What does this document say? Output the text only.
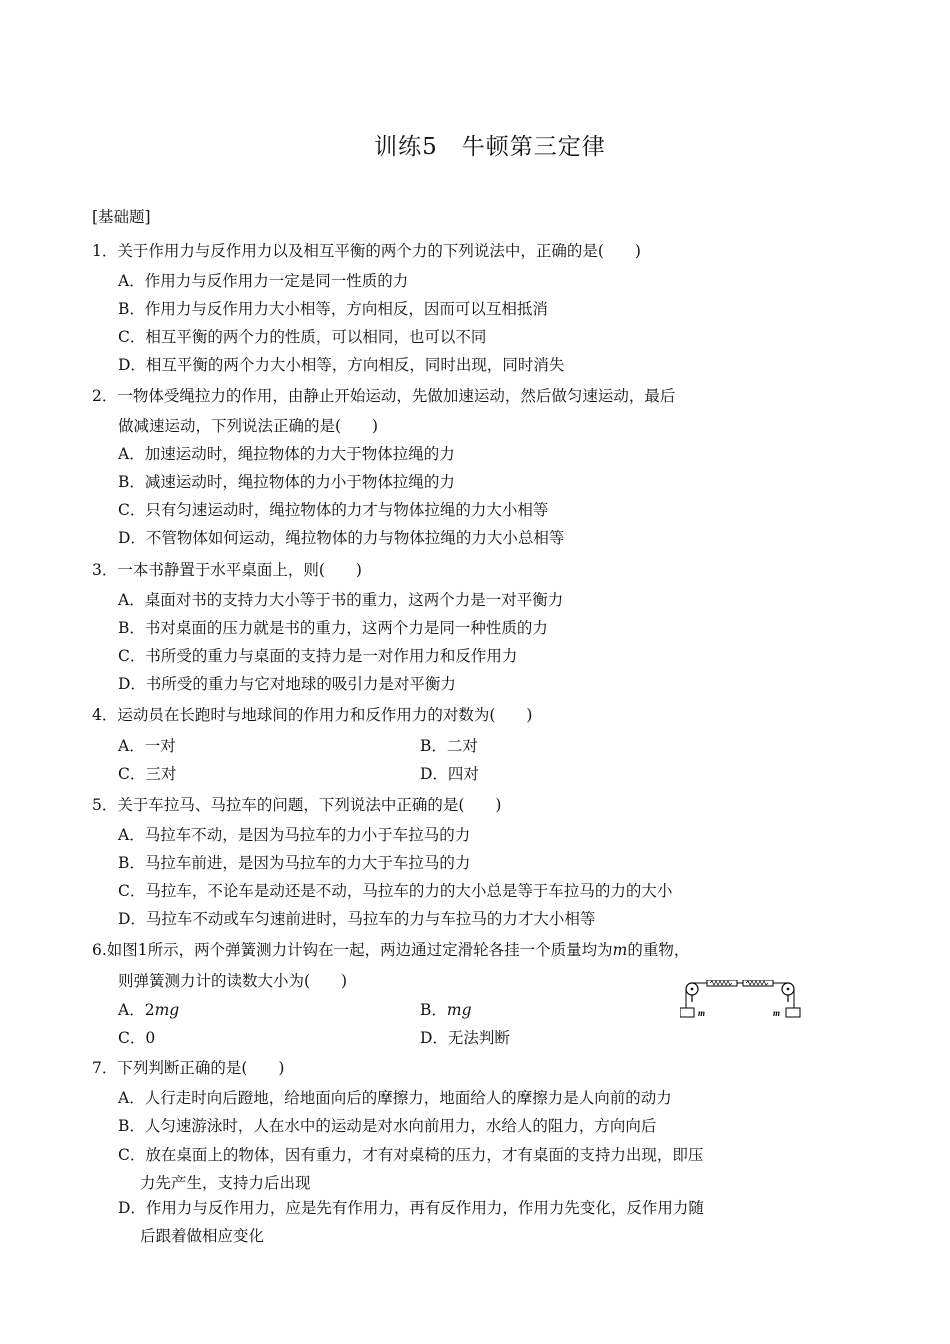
训练5　牛顿第三定律
[基础题]
1．关于作用力与反作用力以及相互平衡的两个力的下列说法中，正确的是(　　)
A．作用力与反作用力一定是同一性质的力
B．作用力与反作用力大小相等，方向相反，因而可以互相抵消
C．相互平衡的两个力的性质，可以相同，也可以不同
D．相互平衡的两个力大小相等，方向相反，同时出现，同时消失
2．一物体受绳拉力的作用，由静止开始运动，先做加速运动，然后做匀速运动，最后
做减速运动，下列说法正确的是(　　)
A．加速运动时，绳拉物体的力大于物体拉绳的力
B．减速运动时，绳拉物体的力小于物体拉绳的力
C．只有匀速运动时，绳拉物体的力才与物体拉绳的力大小相等
D．不管物体如何运动，绳拉物体的力与物体拉绳的力大小总相等
3．一本书静置于水平桌面上，则(　　)
A．桌面对书的支持力大小等于书的重力，这两个力是一对平衡力
B．书对桌面的压力就是书的重力，这两个力是同一种性质的力
C．书所受的重力与桌面的支持力是一对作用力和反作用力
D．书所受的重力与它对地球的吸引力是对平衡力
4．运动员在长跑时与地球间的作用力和反作用力的对数为(　　)
A．一对	B．二对
C．三对	D．四对
5．关于车拉马、马拉车的问题，下列说法中正确的是(　　)
A．马拉车不动，是因为马拉车的力小于车拉马的力
B．马拉车前进，是因为马拉车的力大于车拉马的力
C．马拉车，不论车是动还是不动，马拉车的力的大小总是等于车拉马的力的大小
D．马拉车不动或车匀速前进时，马拉车的力与车拉马的力才大小相等
6.如图1所示，两个弹簧测力计钩在一起，两边通过定滑轮各挂一个质量均为m的重物，
则弹簧测力计的读数大小为(　　)
A．2mg	B．mg
C．0	D．无法判断
m	m
7．下列判断正确的是(　　)
A．人行走时向后蹬地，给地面向后的摩擦力，地面给人的摩擦力是人向前的动力
B．人匀速游泳时，人在水中的运动是对水向前用力，水给人的阻力，方向向后
C．放在桌面上的物体，因有重力，才有对桌椅的压力，才有桌面的支持力出现，即压
力先产生，支持力后出现
D．作用力与反作用力，应是先有作用力，再有反作用力，作用力先变化，反作用力随
后跟着做相应变化
